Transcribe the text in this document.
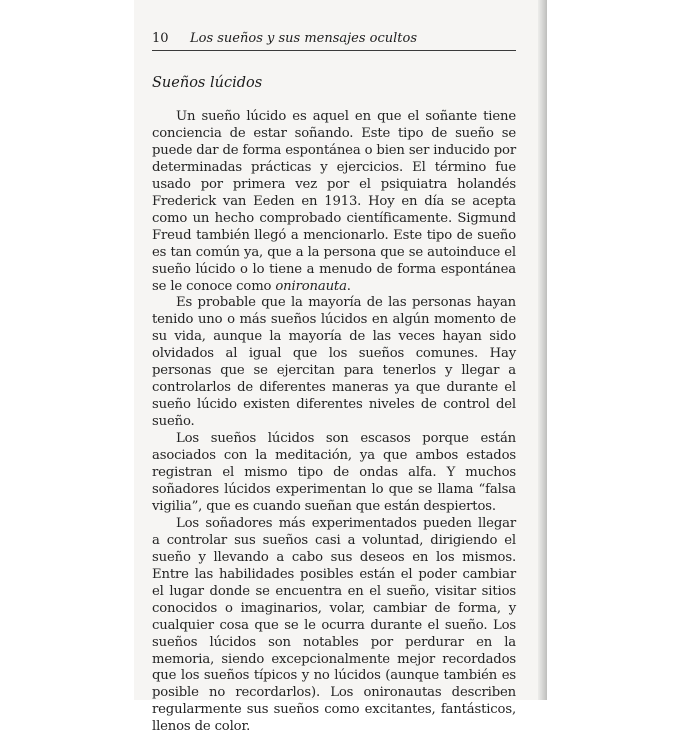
10 Los sueños y sus mensajes ocultos
Sueños lúcidos

Un sueño lúcido es aquel en que el soñante tiene conciencia de estar soñando. Este tipo de sueño se puede dar de forma espontánea o bien ser inducido por determinadas prácticas y ejercicios. El término fue usado por primera vez por el psiquiatra holandés Frederick van Eeden en 1913. Hoy en día se acepta como un hecho comprobado científicamente. Sigmund Freud también llegó a mencionarlo. Este tipo de sueño es tan común ya, que a la persona que se autoinduce el sueño lúcido o lo tiene a menudo de forma espontánea se le conoce como onironauta.

Es probable que la mayoría de las personas hayan tenido uno o más sueños lúcidos en algún momento de su vida, aunque la mayoría de las veces hayan sido olvidados al igual que los sueños comunes. Hay personas que se ejercitan para tenerlos y llegar a controlarlos de diferentes maneras ya que durante el sueño lúcido existen diferentes niveles de control del sueño.

Los sueños lúcidos son escasos porque están asociados con la meditación, ya que ambos estados registran el mismo tipo de ondas alfa. Y muchos soñadores lúcidos experimentan lo que se llama “falsa vigilia”, que es cuando sueñan que están despiertos.

Los soñadores más experimentados pueden llegar a controlar sus sueños casi a voluntad, dirigiendo el sueño y llevando a cabo sus deseos en los mismos. Entre las habilidades posibles están el poder cambiar el lugar donde se encuentra en el sueño, visitar sitios conocidos o imaginarios, volar, cambiar de forma, y cualquier cosa que se le ocurra durante el sueño. Los sueños lúcidos son notables por perdurar en la memoria, siendo excepcionalmente mejor recordados que los sueños típicos y no lúcidos (aunque también es posible no recordarlos). Los onironautas describen regularmente sus sueños como excitantes, fantásticos, llenos de color.
